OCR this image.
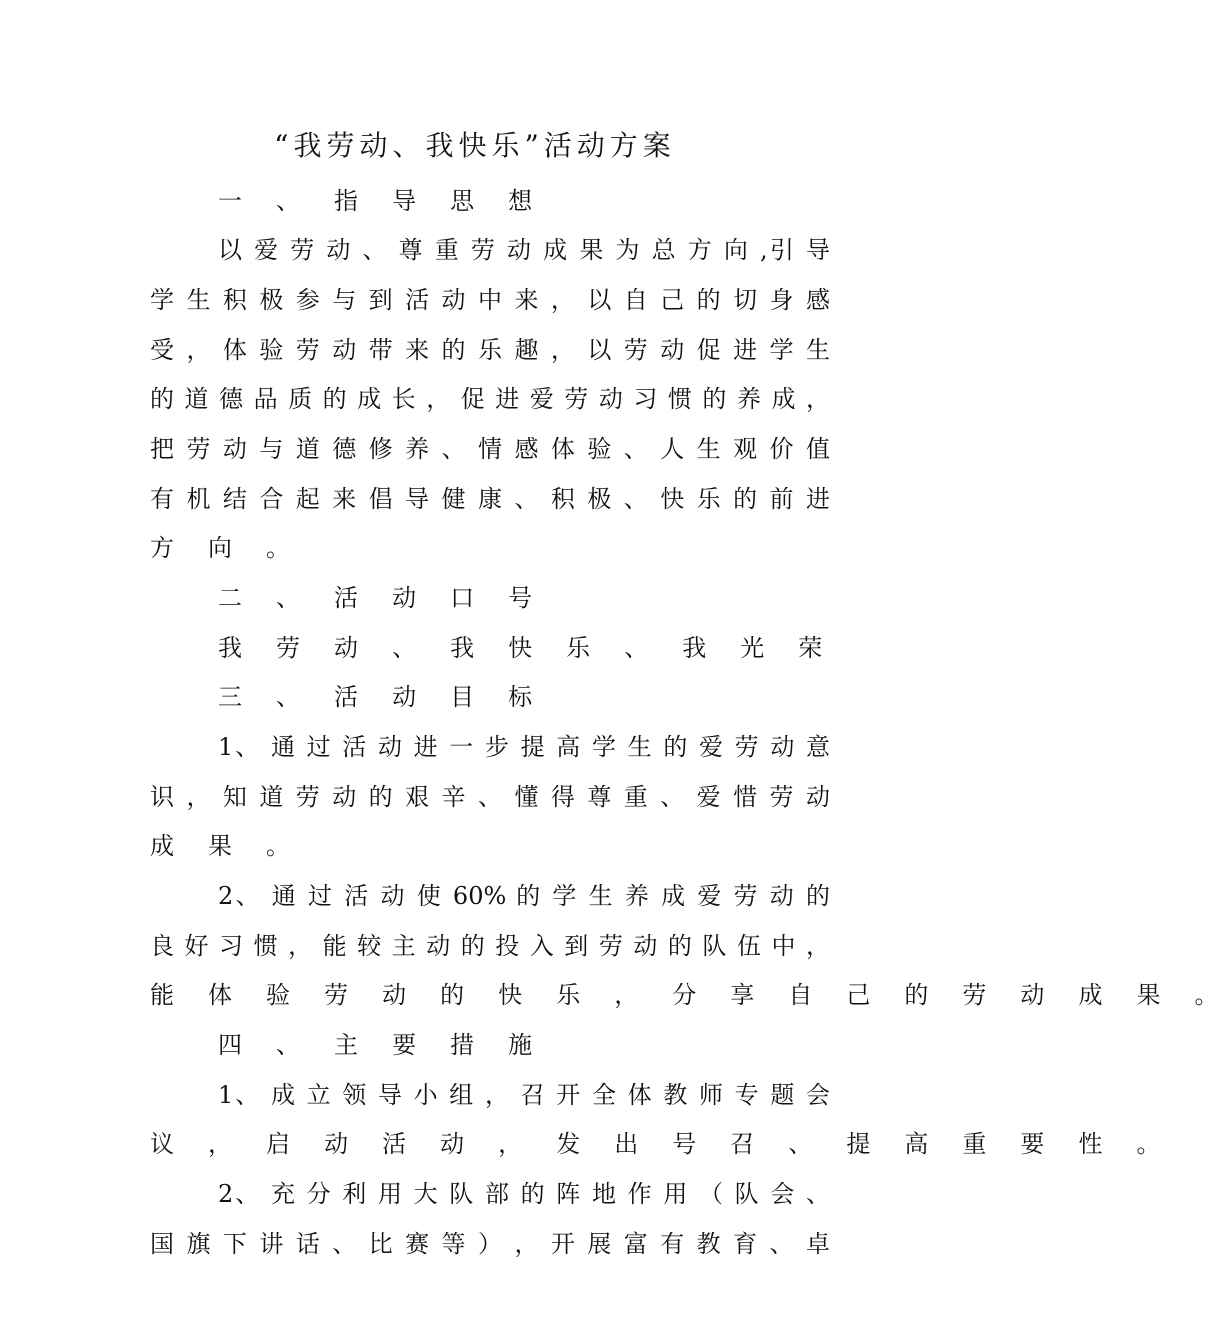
“我劳动、我快乐”活动方案
一 、 指 导 思 想
以 爱 劳 动 、 尊 重 劳 动 成 果 为 总 方 向 ,引 导
学 生 积 极 参 与 到 活 动 中 来 ， 以 自 己 的 切 身 感
受 ， 体 验 劳 动 带 来 的 乐 趣 ， 以 劳 动 促 进 学 生
的 道 德 品 质 的 成 长 ， 促 进 爱 劳 动 习 惯 的 养 成 ，
把 劳 动 与 道 德 修 养 、 情 感 体 验 、 人 生 观 价 值
有 机 结 合 起 来 倡 导 健 康 、 积 极 、 快 乐 的 前 进
方 向 。
二 、 活 动 口 号
我 劳 动 、 我 快 乐 、 我 光 荣
三 、 活 动 目 标
1、 通 过 活 动 进 一 步 提 高 学 生 的 爱 劳 动 意
识 ， 知 道 劳 动 的 艰 辛 、 懂 得 尊 重 、 爱 惜 劳 动
成 果 。
2、 通 过 活 动 使 60% 的 学 生 养 成 爱 劳 动 的
良 好 习 惯 ， 能 较 主 动 的 投 入 到 劳 动 的 队 伍 中 ，
能 体 验 劳 动 的 快 乐 ， 分 享 自 己 的 劳 动 成 果 。
四 、 主 要 措 施
1、 成 立 领 导 小 组 ， 召 开 全 体 教 师 专 题 会
议 ， 启 动 活 动 ， 发 出 号 召 、 提 高 重 要 性 。
2、 充 分 利 用 大 队 部 的 阵 地 作 用 （ 队 会 、
国 旗 下 讲 话 、 比 赛 等 ） ， 开 展 富 有 教 育 、 卓
